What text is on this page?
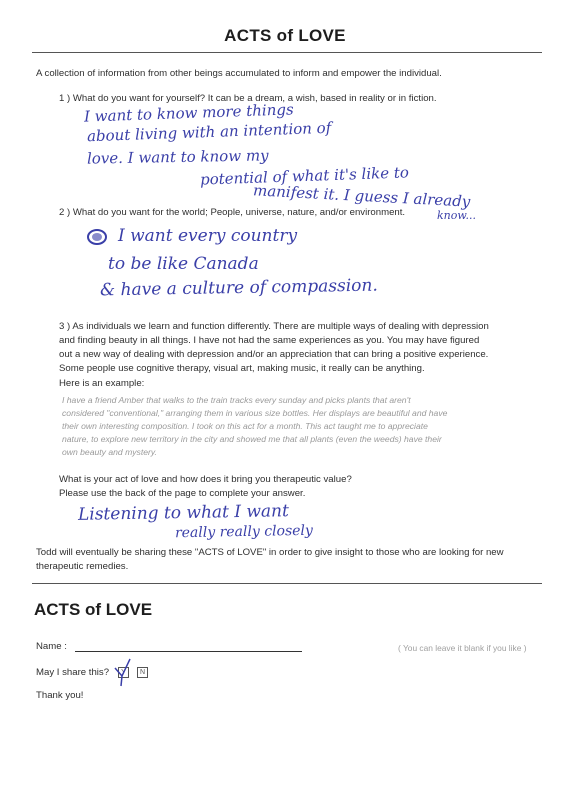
ACTS of LOVE
A collection of information from other beings accumulated to inform and empower the individual.
1 ) What do you want for yourself? It can be a dream, a wish, based in reality or in fiction.
I want to know more things
about living with an intention of
love. I want to know my
potential of what it's like to
manifest it. I guess I already
know...
2 ) What do you want for the world; People, universe, nature, and/or environment.
I want every country
to be like Canada
& have a culture of compassion.
3 ) As individuals we learn and function differently. There are multiple ways of dealing with depression
and finding beauty in all things. I have not had the same experiences as you. You may have figured
out a new way of dealing with depression and/or an appreciation that can bring a positive experience.
Some people use cognitive therapy, visual art, making music, it really can be anything.
Here is an example:
I have a friend Amber that walks to the train tracks every sunday and picks plants that aren't
considered "conventional," arranging them in various size bottles. Her displays are beautiful and have
their own interesting composition. I took on this act for a month. This act taught me to appreciate
nature, to explore new territory in the city and showed me that all plants (even the weeds) have their
own beauty and mystery.
What is your act of love and how does it bring you therapeutic value?
Please use the back of the page to complete your answer.
Listening to what I want
really really closely
Todd will eventually be sharing these "ACTS of LOVE" in order to give insight to those who are looking for new
therapeutic remedies.
ACTS of LOVE
Name :	( You can leave it blank if you like )
May I share this?	Y	N
Thank you!
